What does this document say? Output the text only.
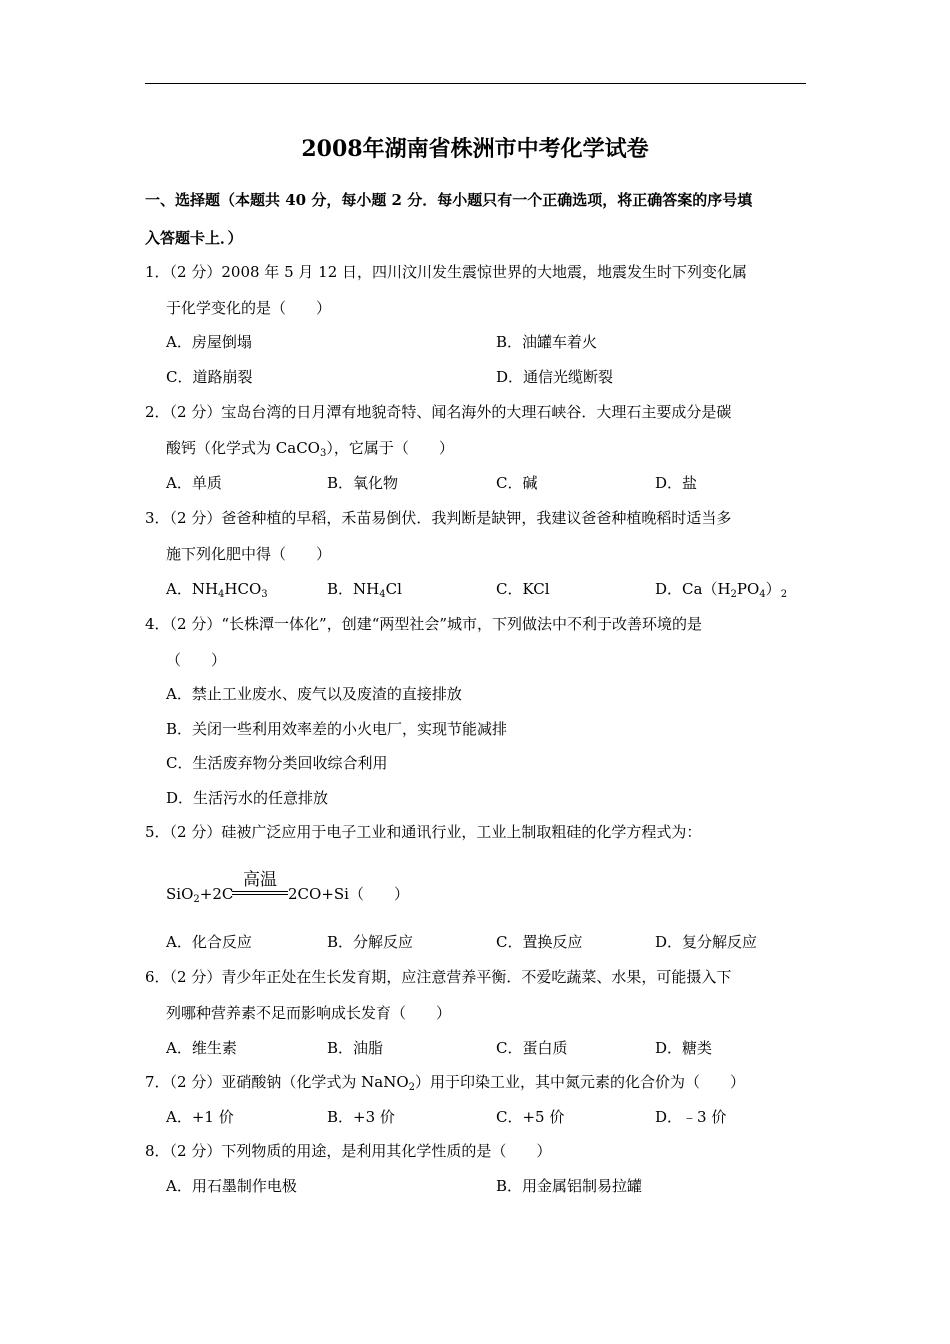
2008年湖南省株洲市中考化学试卷
一、选择题（本题共 40 分，每小题 2 分．每小题只有一个正确选项，将正确答案的序号填
入答题卡上．）
1．（2 分）2008 年 5 月 12 日，四川汶川发生震惊世界的大地震，地震发生时下列变化属
于化学变化的是（　　）
A．房屋倒塌	B．油罐车着火
C．道路崩裂	D．通信光缆断裂
2．（2 分）宝岛台湾的日月潭有地貌奇特、闻名海外的大理石峡谷．大理石主要成分是碳
酸钙（化学式为 CaCO$_3$），它属于（　　）
A．单质	B．氧化物	C．碱	D．盐
3．（2 分）爸爸种植的早稻，禾苗易倒伏．我判断是缺钾，我建议爸爸种植晚稻时适当多
施下列化肥中得（　　）
A．$NH_4HCO_3$	B．$NH_4Cl$	C．KCl	D．$Ca(H_2PO_4)_2$
4．（2 分）“长株潭一体化”，创建“两型社会”城市，下列做法中不利于改善环境的是
（　　）
A．禁止工业废水、废气以及废渣的直接排放
B．关闭一些利用效率差的小火电厂，实现节能减排
C．生活废弃物分类回收综合利用
D．生活污水的任意排放
5．（2 分）硅被广泛应用于电子工业和通讯行业，工业上制取粗硅的化学方程式为：
SiO$_2$+2C
高温
2CO+Si（　　）
A．化合反应	B．分解反应	C．置换反应	D．复分解反应
6．（2 分）青少年正处在生长发育期，应注意营养平衡．不爱吃蔬菜、水果，可能摄入下
列哪种营养素不足而影响成长发育（　　）
A．维生素	B．油脂	C．蛋白质	D．糖类
7．（2 分）亚硝酸钠（化学式为 NaNO$_2$）用于印染工业，其中氮元素的化合价为（　　）
A．+1 价	B．+3 价	C．+5 价	D．﹣3 价
8．（2 分）下列物质的用途，是利用其化学性质的是（　　）
A．用石墨制作电极	B．用金属铝制易拉罐
